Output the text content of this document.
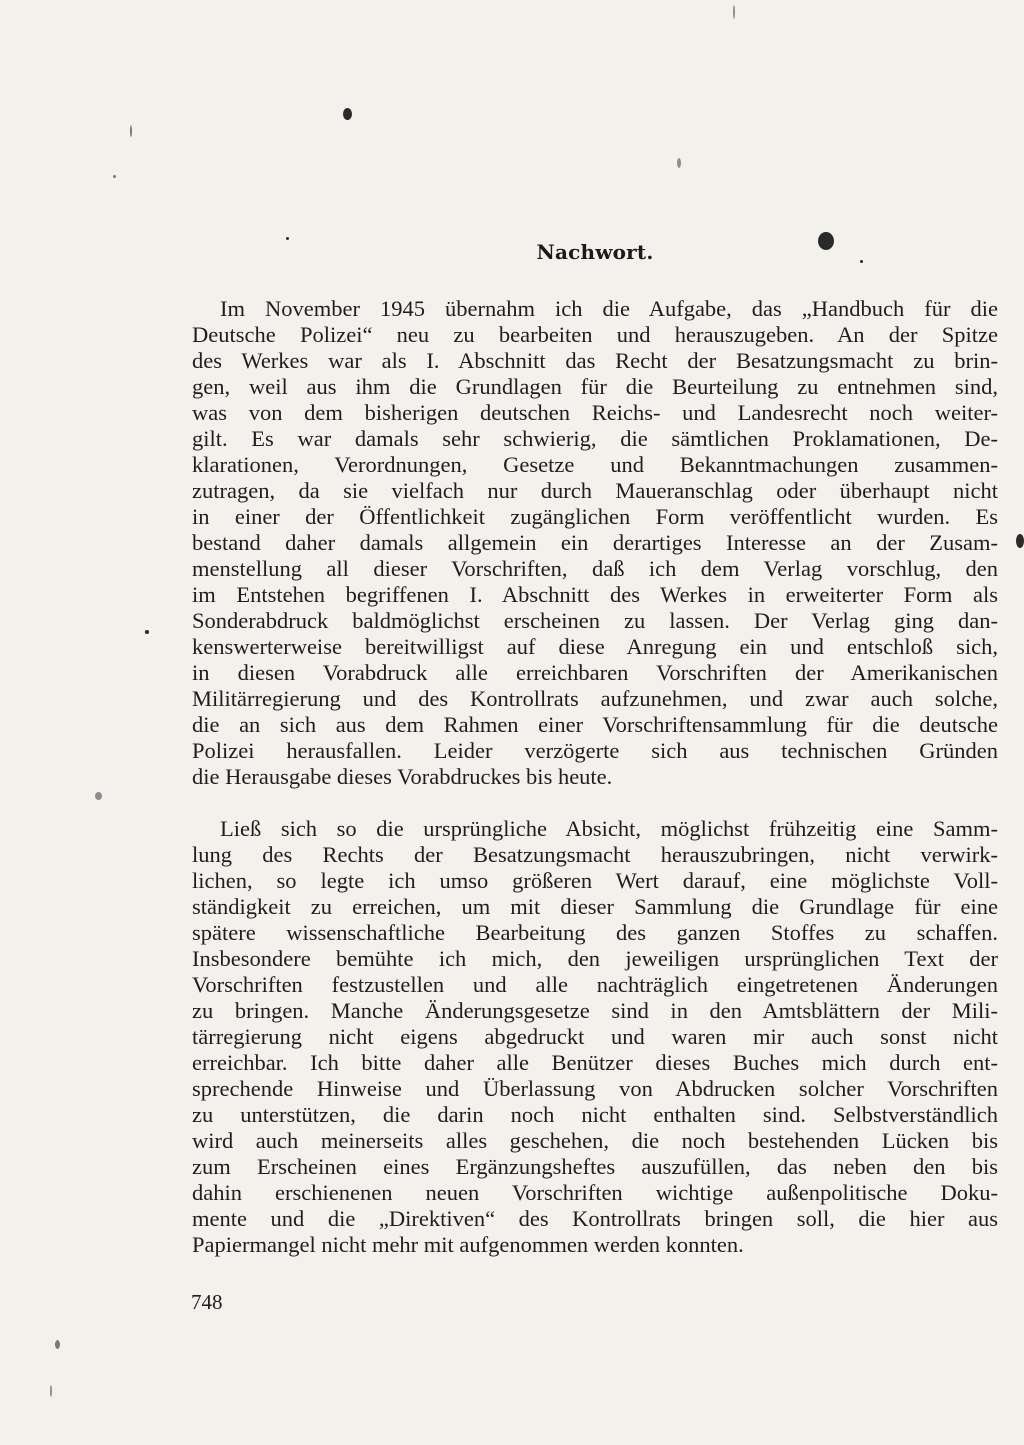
Nachwort.
Im November 1945 übernahm ich die Aufgabe, das „Handbuch für die
Deutsche Polizei“ neu zu bearbeiten und herauszugeben. An der Spitze
des Werkes war als I. Abschnitt das Recht der Besatzungsmacht zu brin-
gen, weil aus ihm die Grundlagen für die Beurteilung zu entnehmen sind,
was von dem bisherigen deutschen Reichs- und Landesrecht noch weiter-
gilt. Es war damals sehr schwierig, die sämtlichen Proklamationen, De-
klarationen, Verordnungen, Gesetze und Bekanntmachungen zusammen-
zutragen, da sie vielfach nur durch Maueranschlag oder überhaupt nicht
in einer der Öffentlichkeit zugänglichen Form veröffentlicht wurden. Es
bestand daher damals allgemein ein derartiges Interesse an der Zusam-
menstellung all dieser Vorschriften, daß ich dem Verlag vorschlug, den
im Entstehen begriffenen I. Abschnitt des Werkes in erweiterter Form als
Sonderabdruck baldmöglichst erscheinen zu lassen. Der Verlag ging dan-
kenswerterweise bereitwilligst auf diese Anregung ein und entschloß sich,
in diesen Vorabdruck alle erreichbaren Vorschriften der Amerikanischen
Militärregierung und des Kontrollrats aufzunehmen, und zwar auch solche,
die an sich aus dem Rahmen einer Vorschriftensammlung für die deutsche
Polizei herausfallen. Leider verzögerte sich aus technischen Gründen
die Herausgabe dieses Vorabdruckes bis heute.
Ließ sich so die ursprüngliche Absicht, möglichst frühzeitig eine Samm-
lung des Rechts der Besatzungsmacht herauszubringen, nicht verwirk-
lichen, so legte ich umso größeren Wert darauf, eine möglichste Voll-
ständigkeit zu erreichen, um mit dieser Sammlung die Grundlage für eine
spätere wissenschaftliche Bearbeitung des ganzen Stoffes zu schaffen.
Insbesondere bemühte ich mich, den jeweiligen ursprünglichen Text der
Vorschriften festzustellen und alle nachträglich eingetretenen Änderungen
zu bringen. Manche Änderungsgesetze sind in den Amtsblättern der Mili-
tärregierung nicht eigens abgedruckt und waren mir auch sonst nicht
erreichbar. Ich bitte daher alle Benützer dieses Buches mich durch ent-
sprechende Hinweise und Überlassung von Abdrucken solcher Vorschriften
zu unterstützen, die darin noch nicht enthalten sind. Selbstverständlich
wird auch meinerseits alles geschehen, die noch bestehenden Lücken bis
zum Erscheinen eines Ergänzungsheftes auszufüllen, das neben den bis
dahin erschienenen neuen Vorschriften wichtige außenpolitische Doku-
mente und die „Direktiven“ des Kontrollrats bringen soll, die hier aus
Papiermangel nicht mehr mit aufgenommen werden konnten.

748
